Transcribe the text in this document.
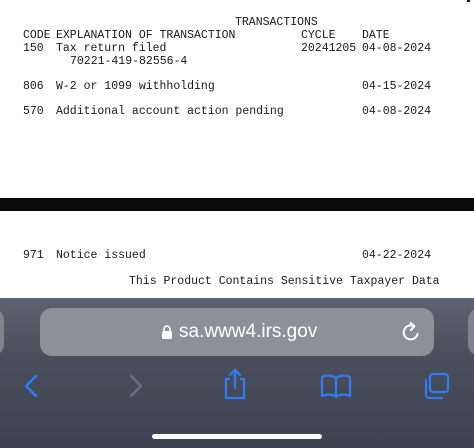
TRANSACTIONS
CODE EXPLANATION OF TRANSACTION	CYCLE DATE
150 Tax return filed	20241205 04-08-2024
70221-419-82556-4
806 W-2 or 1099 withholding	04-15-2024
570 Additional account action pending	04-08-2024
971 Notice issued	04-22-2024
This Product Contains Sensitive Taxpayer Data
sa.www4.irs.gov
